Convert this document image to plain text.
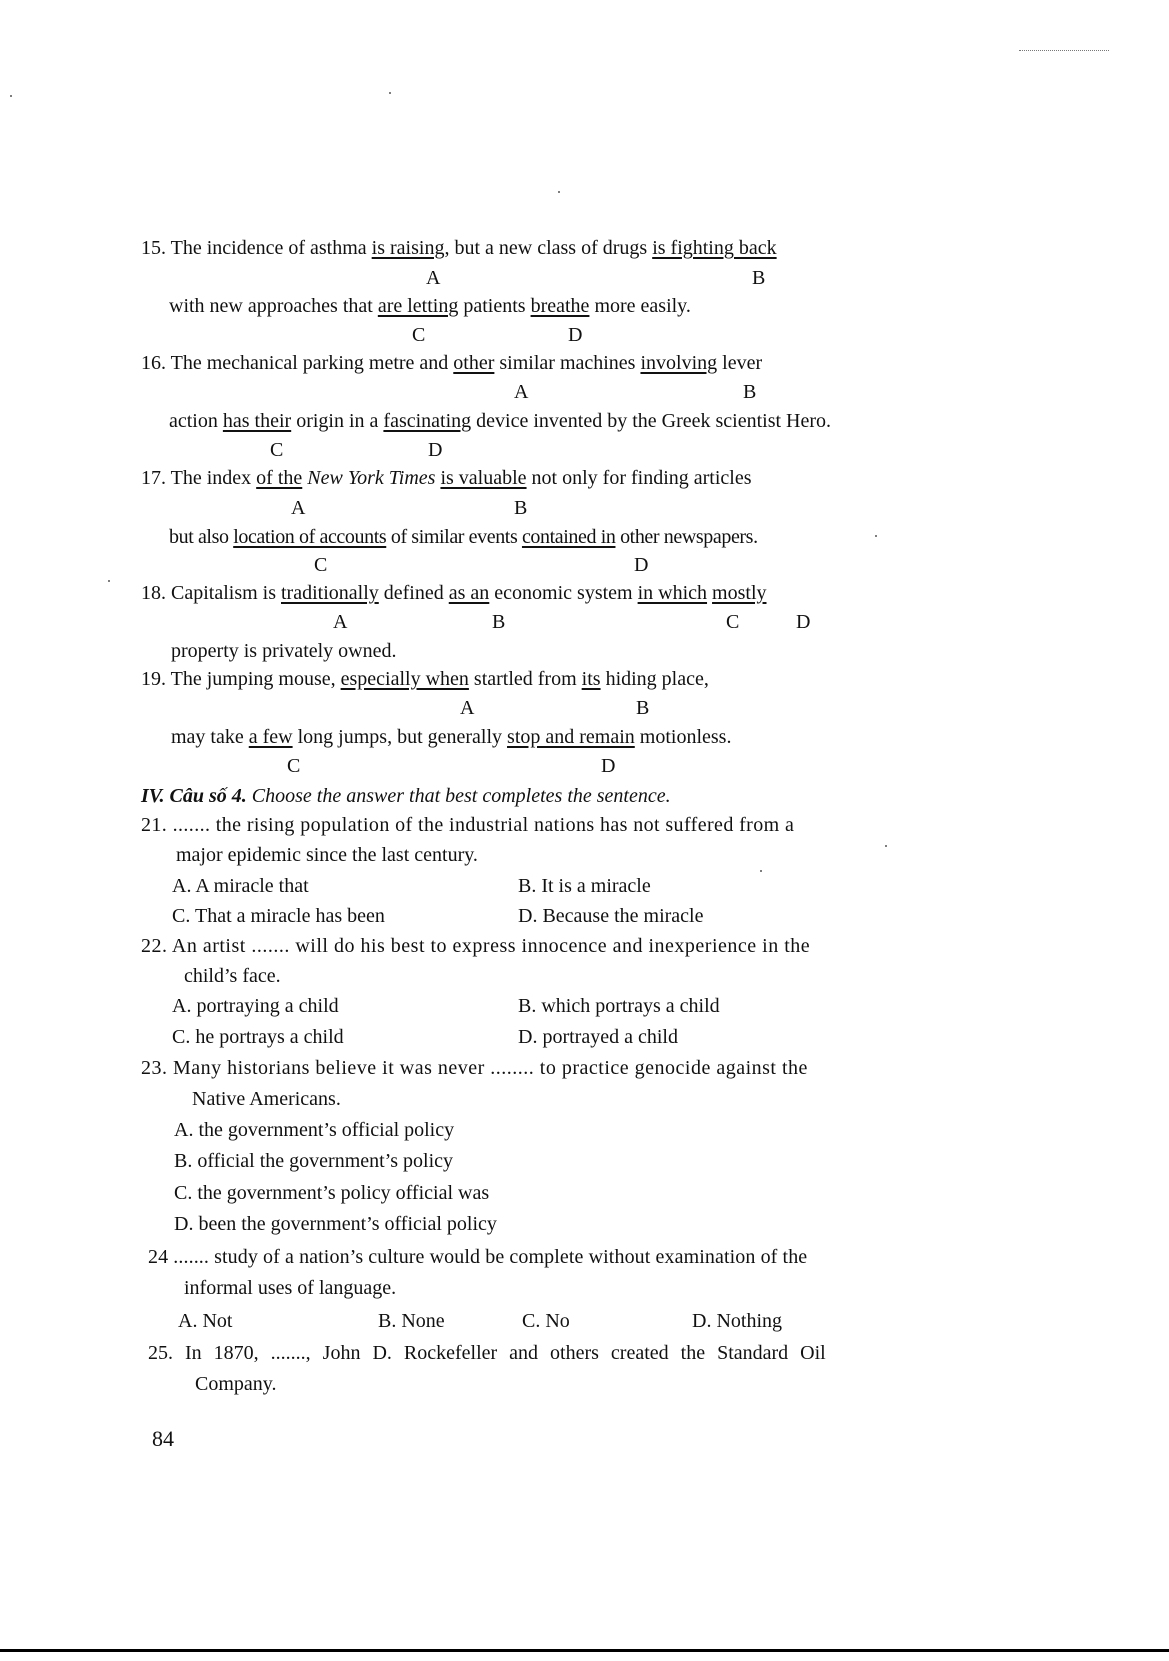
15. The incidence of asthma is raising, but a new class of drugs is fighting back
A	B
with new approaches that are letting patients breathe more easily.
C	D
16. The mechanical parking metre and other similar machines involving lever
A	B
action has their origin in a fascinating device invented by the Greek scientist Hero.
C	D
17. The index of the New York Times is valuable not only for finding articles
A	B
but also location of accounts of similar events contained in other newspapers.
C	D
18. Capitalism is traditionally defined as an economic system in which mostly
A	B	C	D
property is privately owned.
19. The jumping mouse, especially when startled from its hiding place,
A	B
may take a few long jumps, but generally stop and remain motionless.
C	D
IV. Câu số 4. Choose the answer that best completes the sentence.
21. ....... the rising population of the industrial nations has not suffered from a
major epidemic since the last century.
A. A miracle that	B. It is a miracle
C. That a miracle has been	D. Because the miracle
22. An artist ....... will do his best to express innocence and inexperience in the
child’s face.
A. portraying a child	B. which portrays a child
C. he portrays a child	D. portrayed a child
23. Many historians believe it was never ........ to practice genocide against the
Native Americans.
A. the government’s official policy
B. official the government’s policy
C. the government’s policy official was
D. been the government’s official policy
24 ....... study of a nation’s culture would be complete without examination of the
informal uses of language.
A. Not	B. None	C. No	D. Nothing
25. In 1870, ......., John D. Rockefeller and others created the Standard Oil
Company.
84
